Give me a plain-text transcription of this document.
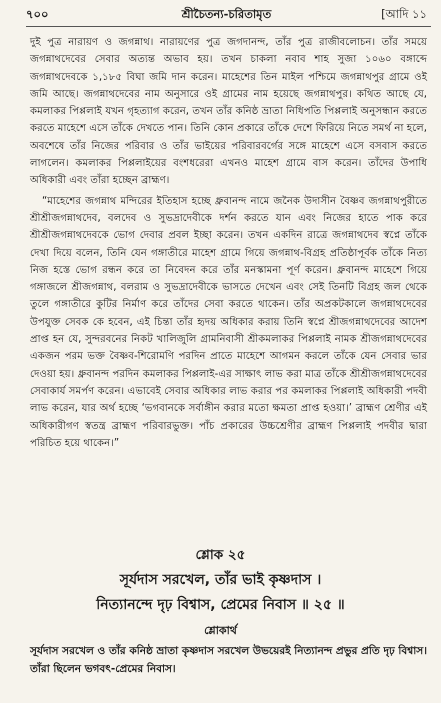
৭০০	শ্রীচৈতন্য-চরিতামৃত	[আদি ১১

দুই পুত্র নারায়ণ ও জগন্নাথ। নারায়ণের পুত্র জগদানন্দ, তাঁর পুত্র রাজীবলোচন। তাঁর সময়ে জগন্নাথদেবের সেবার অত্যন্ত অভাব হয়। তখন চাকলা নবাব শাহ সুজা ১০৬০ বঙ্গাব্দে জগন্নাথদেবকে ১,১৮৫ বিঘা জমি দান করেন। মাহেশের তিন মাইল পশ্চিমে জগন্নাথপুর গ্রামে ওই জমি আছে। জগন্নাথদেবের নাম অনুসারে ওই গ্রামের নাম হয়েছে জগন্নাথপুর। কথিত আছে যে, কমলাকর পিপ্পলাই যখন গৃহত্যাগ করেন, তখন তাঁর কনিষ্ঠ ভ্রাতা নিধিপতি পিপ্পলাই অনুসন্ধান করতে করতে মাহেশে এসে তাঁকে দেখতে পান। তিনি কোন প্রকারে তাঁকে দেশে ফিরিয়ে নিতে সমর্থ না হলে, অবশেষে তাঁর নিজের পরিবার ও তাঁর ভাইয়ের পরিবারবর্গের সঙ্গে মাহেশে এসে বসবাস করতে লাগলেন। কমলাকর পিপ্পলাইয়ের বংশধরেরা এখনও মাহেশ গ্রামে বাস করেন। তাঁদের উপাধি অধিকারী এবং তাঁরা হচ্ছেন ব্রাহ্মণ।

“মাহেশের জগন্নাথ মন্দিরের ইতিহাস হচ্ছে ধ্রুবানন্দ নামে জনৈক উদাসীন বৈষ্ণব জগন্নাথপুরীতে শ্রীশ্রীজগন্নাথদেব, বলদেব ও সুভদ্রাদেবীকে দর্শন করতে যান এবং নিজের হাতে পাক করে শ্রীশ্রীজগন্নাথদেবকে ভোগ দেবার প্রবল ইচ্ছা করেন। তখন একদিন রাত্রে জগন্নাথদেব স্বপ্নে তাঁকে দেখা দিয়ে বলেন, তিনি যেন গঙ্গাতীরে মাহেশ গ্রামে গিয়ে জগন্নাথ-বিগ্রহ প্রতিষ্ঠাপূর্বক তাঁকে নিত্য নিজ হস্তে ভোগ রন্ধন করে তা নিবেদন করে তাঁর মনস্কামনা পূর্ণ করেন। ধ্রুবানন্দ মাহেশে গিয়ে গঙ্গাজলে শ্রীজগন্নাথ, বলরাম ও সুভদ্রাদেবীকে ভাসতে দেখেন এবং সেই তিনটি বিগ্রহ জল থেকে তুলে গঙ্গাতীরে কুটির নির্মাণ করে তাঁদের সেবা করতে থাকেন। তাঁর অপ্রকটকালে জগন্নাথদেবের উপযুক্ত সেবক কে হবেন, এই চিন্তা তাঁর হৃদয় অধিকার করায় তিনি স্বপ্নে শ্রীজগন্নাথদেবের আদেশ প্রাপ্ত হন যে, সুন্দরবনের নিকট খালিজুলি গ্রামনিবাসী শ্রীকমলাকর পিপ্পলাই নামক শ্রীজগন্নাথদেবের একজন পরম ভক্ত বৈষ্ণব-শিরোমণি পরদিন প্রাতে মাহেশে আগমন করলে তাঁকে যেন সেবার ভার দেওয়া হয়। ধ্রুবানন্দ পরদিন কমলাকর পিপ্পলাই-এর সাক্ষাৎ লাভ করা মাত্র তাঁকে শ্রীশ্রীজগন্নাথদেবের সেবাকার্য সমর্পণ করেন। এভাবেই সেবার অধিকার লাভ করার পর কমলাকর পিপ্পলাই অধিকারী পদবী লাভ করেন, যার অর্থ হচ্ছে ‘ভগবানকে সর্বাঙ্গীন করার মতো ক্ষমতা প্রাপ্ত হওয়া।’ ব্রাহ্মণ শ্রেণীর এই অধিকারীগণ স্বতন্ত্র ব্রাহ্মণ পরিবারভুক্ত। পাঁচ প্রকারের উচ্চশ্রেণীর ব্রাহ্মণ পিপ্পলাই পদবীর দ্বারা পরিচিত হয়ে থাকেন।”

শ্লোক ২৫
সূর্যদাস সরখেল, তাঁর ভাই কৃষ্ণদাস ।
নিত্যানন্দে দৃঢ় বিশ্বাস, প্রেমের নিবাস ॥ ২৫ ॥
শ্লোকার্থ
সূর্যদাস সরখেল ও তাঁর কনিষ্ঠ ভ্রাতা কৃষ্ণদাস সরখেল উভয়েরই নিত্যানন্দ প্রভুর প্রতি দৃঢ় বিশ্বাস। তাঁরা ছিলেন ভগবৎ-প্রেমের নিবাস।
